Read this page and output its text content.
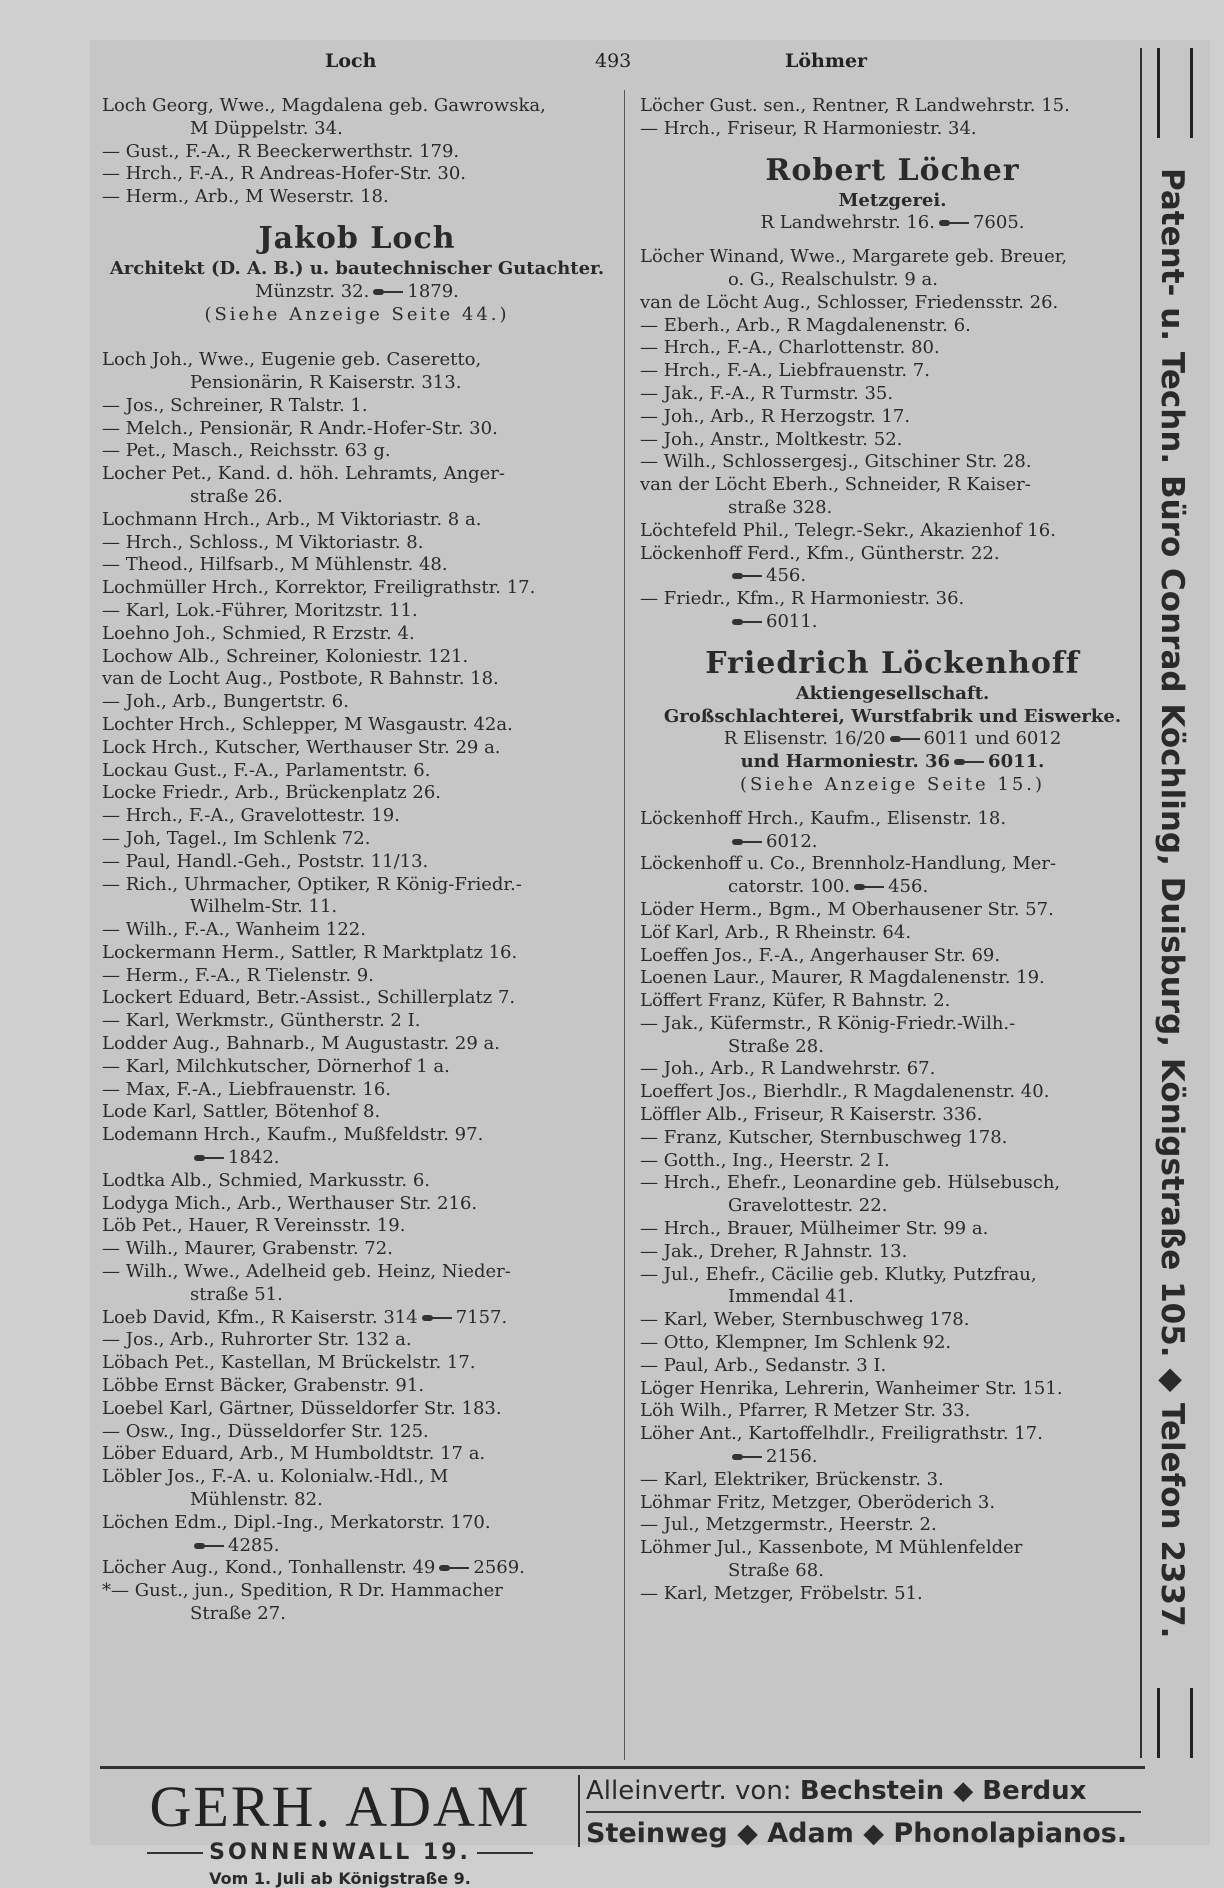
Loch	493	Löhmer
Loch Georg, Wwe., Magdalena geb. Gawrowska,
M Düppelstr. 34.
— Gust., F.-A., R Beeckerwerthstr. 179.
— Hrch., F.-A., R Andreas-Hofer-Str. 30.
— Herm., Arb., M Weserstr. 18.
Jakob Loch
Architekt (D. A. B.) u. bautechnischer Gutachter.
Münzstr. 32. 1879.
(Siehe Anzeige Seite 44.)
Loch Joh., Wwe., Eugenie geb. Caseretto,
Pensionärin, R Kaiserstr. 313.
— Jos., Schreiner, R Talstr. 1.
— Melch., Pensionär, R Andr.-Hofer-Str. 30.
— Pet., Masch., Reichsstr. 63 g.
Locher Pet., Kand. d. höh. Lehramts, Anger-
straße 26.
Lochmann Hrch., Arb., M Viktoriastr. 8 a.
— Hrch., Schloss., M Viktoriastr. 8.
— Theod., Hilfsarb., M Mühlenstr. 48.
Lochmüller Hrch., Korrektor, Freiligrathstr. 17.
— Karl, Lok.-Führer, Moritzstr. 11.
Loehno Joh., Schmied, R Erzstr. 4.
Lochow Alb., Schreiner, Koloniestr. 121.
van de Locht Aug., Postbote, R Bahnstr. 18.
— Joh., Arb., Bungertstr. 6.
Lochter Hrch., Schlepper, M Wasgaustr. 42a.
Lock Hrch., Kutscher, Werthauser Str. 29 a.
Lockau Gust., F.-A., Parlamentstr. 6.
Locke Friedr., Arb., Brückenplatz 26.
— Hrch., F.-A., Gravelottestr. 19.
— Joh, Tagel., Im Schlenk 72.
— Paul, Handl.-Geh., Poststr. 11/13.
— Rich., Uhrmacher, Optiker, R König-Friedr.-
Wilhelm-Str. 11.
— Wilh., F.-A., Wanheim 122.
Lockermann Herm., Sattler, R Marktplatz 16.
— Herm., F.-A., R Tielenstr. 9.
Lockert Eduard, Betr.-Assist., Schillerplatz 7.
— Karl, Werkmstr., Güntherstr. 2 I.
Lodder Aug., Bahnarb., M Augustastr. 29 a.
— Karl, Milchkutscher, Dörnerhof 1 a.
— Max, F.-A., Liebfrauenstr. 16.
Lode Karl, Sattler, Bötenhof 8.
Lodemann Hrch., Kaufm., Mußfeldstr. 97.
1842.
Lodtka Alb., Schmied, Markusstr. 6.
Lodyga Mich., Arb., Werthauser Str. 216.
Löb Pet., Hauer, R Vereinsstr. 19.
— Wilh., Maurer, Grabenstr. 72.
— Wilh., Wwe., Adelheid geb. Heinz, Nieder-
straße 51.
Loeb David, Kfm., R Kaiserstr. 314 7157.
— Jos., Arb., Ruhrorter Str. 132 a.
Löbach Pet., Kastellan, M Brückelstr. 17.
Löbbe Ernst Bäcker, Grabenstr. 91.
Loebel Karl, Gärtner, Düsseldorfer Str. 183.
— Osw., Ing., Düsseldorfer Str. 125.
Löber Eduard, Arb., M Humboldtstr. 17 a.
Löbler Jos., F.-A. u. Kolonialw.-Hdl., M
Mühlenstr. 82.
Löchen Edm., Dipl.-Ing., Merkatorstr. 170.
4285.
Löcher Aug., Kond., Tonhallenstr. 49 2569.
*— Gust., jun., Spedition, R Dr. Hammacher
Straße 27.
Löcher Gust. sen., Rentner, R Landwehrstr. 15.
— Hrch., Friseur, R Harmoniestr. 34.
Robert Löcher
Metzgerei.
R Landwehrstr. 16. 7605.
Löcher Winand, Wwe., Margarete geb. Breuer,
o. G., Realschulstr. 9 a.
van de Löcht Aug., Schlosser, Friedensstr. 26.
— Eberh., Arb., R Magdalenenstr. 6.
— Hrch., F.-A., Charlottenstr. 80.
— Hrch., F.-A., Liebfrauenstr. 7.
— Jak., F.-A., R Turmstr. 35.
— Joh., Arb., R Herzogstr. 17.
— Joh., Anstr., Moltkestr. 52.
— Wilh., Schlossergesj., Gitschiner Str. 28.
van der Löcht Eberh., Schneider, R Kaiser-
straße 328.
Löchtefeld Phil., Telegr.-Sekr., Akazienhof 16.
Löckenhoff Ferd., Kfm., Güntherstr. 22.
456.
— Friedr., Kfm., R Harmoniestr. 36.
6011.
Friedrich Löckenhoff
Aktiengesellschaft.
Großschlachterei, Wurstfabrik und Eiswerke.
R Elisenstr. 16/20 6011 und 6012
und Harmoniestr. 36 6011.
(Siehe Anzeige Seite 15.)
Löckenhoff Hrch., Kaufm., Elisenstr. 18.
6012.
Löckenhoff u. Co., Brennholz-Handlung, Mer-
catorstr. 100. 456.
Löder Herm., Bgm., M Oberhausener Str. 57.
Löf Karl, Arb., R Rheinstr. 64.
Loeffen Jos., F.-A., Angerhauser Str. 69.
Loenen Laur., Maurer, R Magdalenenstr. 19.
Löffert Franz, Küfer, R Bahnstr. 2.
— Jak., Küfermstr., R König-Friedr.-Wilh.-
Straße 28.
— Joh., Arb., R Landwehrstr. 67.
Loeffert Jos., Bierhdlr., R Magdalenenstr. 40.
Löffler Alb., Friseur, R Kaiserstr. 336.
— Franz, Kutscher, Sternbuschweg 178.
— Gotth., Ing., Heerstr. 2 I.
— Hrch., Ehefr., Leonardine geb. Hülsebusch,
Gravelottestr. 22.
— Hrch., Brauer, Mülheimer Str. 99 a.
— Jak., Dreher, R Jahnstr. 13.
— Jul., Ehefr., Cäcilie geb. Klutky, Putzfrau,
Immendal 41.
— Karl, Weber, Sternbuschweg 178.
— Otto, Klempner, Im Schlenk 92.
— Paul, Arb., Sedanstr. 3 I.
Löger Henrika, Lehrerin, Wanheimer Str. 151.
Löh Wilh., Pfarrer, R Metzer Str. 33.
Löher Ant., Kartoffelhdlr., Freiligrathstr. 17.
2156.
— Karl, Elektriker, Brückenstr. 3.
Löhmar Fritz, Metzger, Oberöderich 3.
— Jul., Metzgermstr., Heerstr. 2.
Löhmer Jul., Kassenbote, M Mühlenfelder
Straße 68.
— Karl, Metzger, Fröbelstr. 51.	Patent- u. Techn. Büro Conrad Köchling, Duisburg, Königstraße 105. ◆ Telefon 2337.
GERH. ADAM
SONNENWALL 19.
Vom 1. Juli ab Königstraße 9.
Alleinvertr. von: Bechstein ◆ Berdux
Steinweg ◆ Adam ◆ Phonolapianos.
